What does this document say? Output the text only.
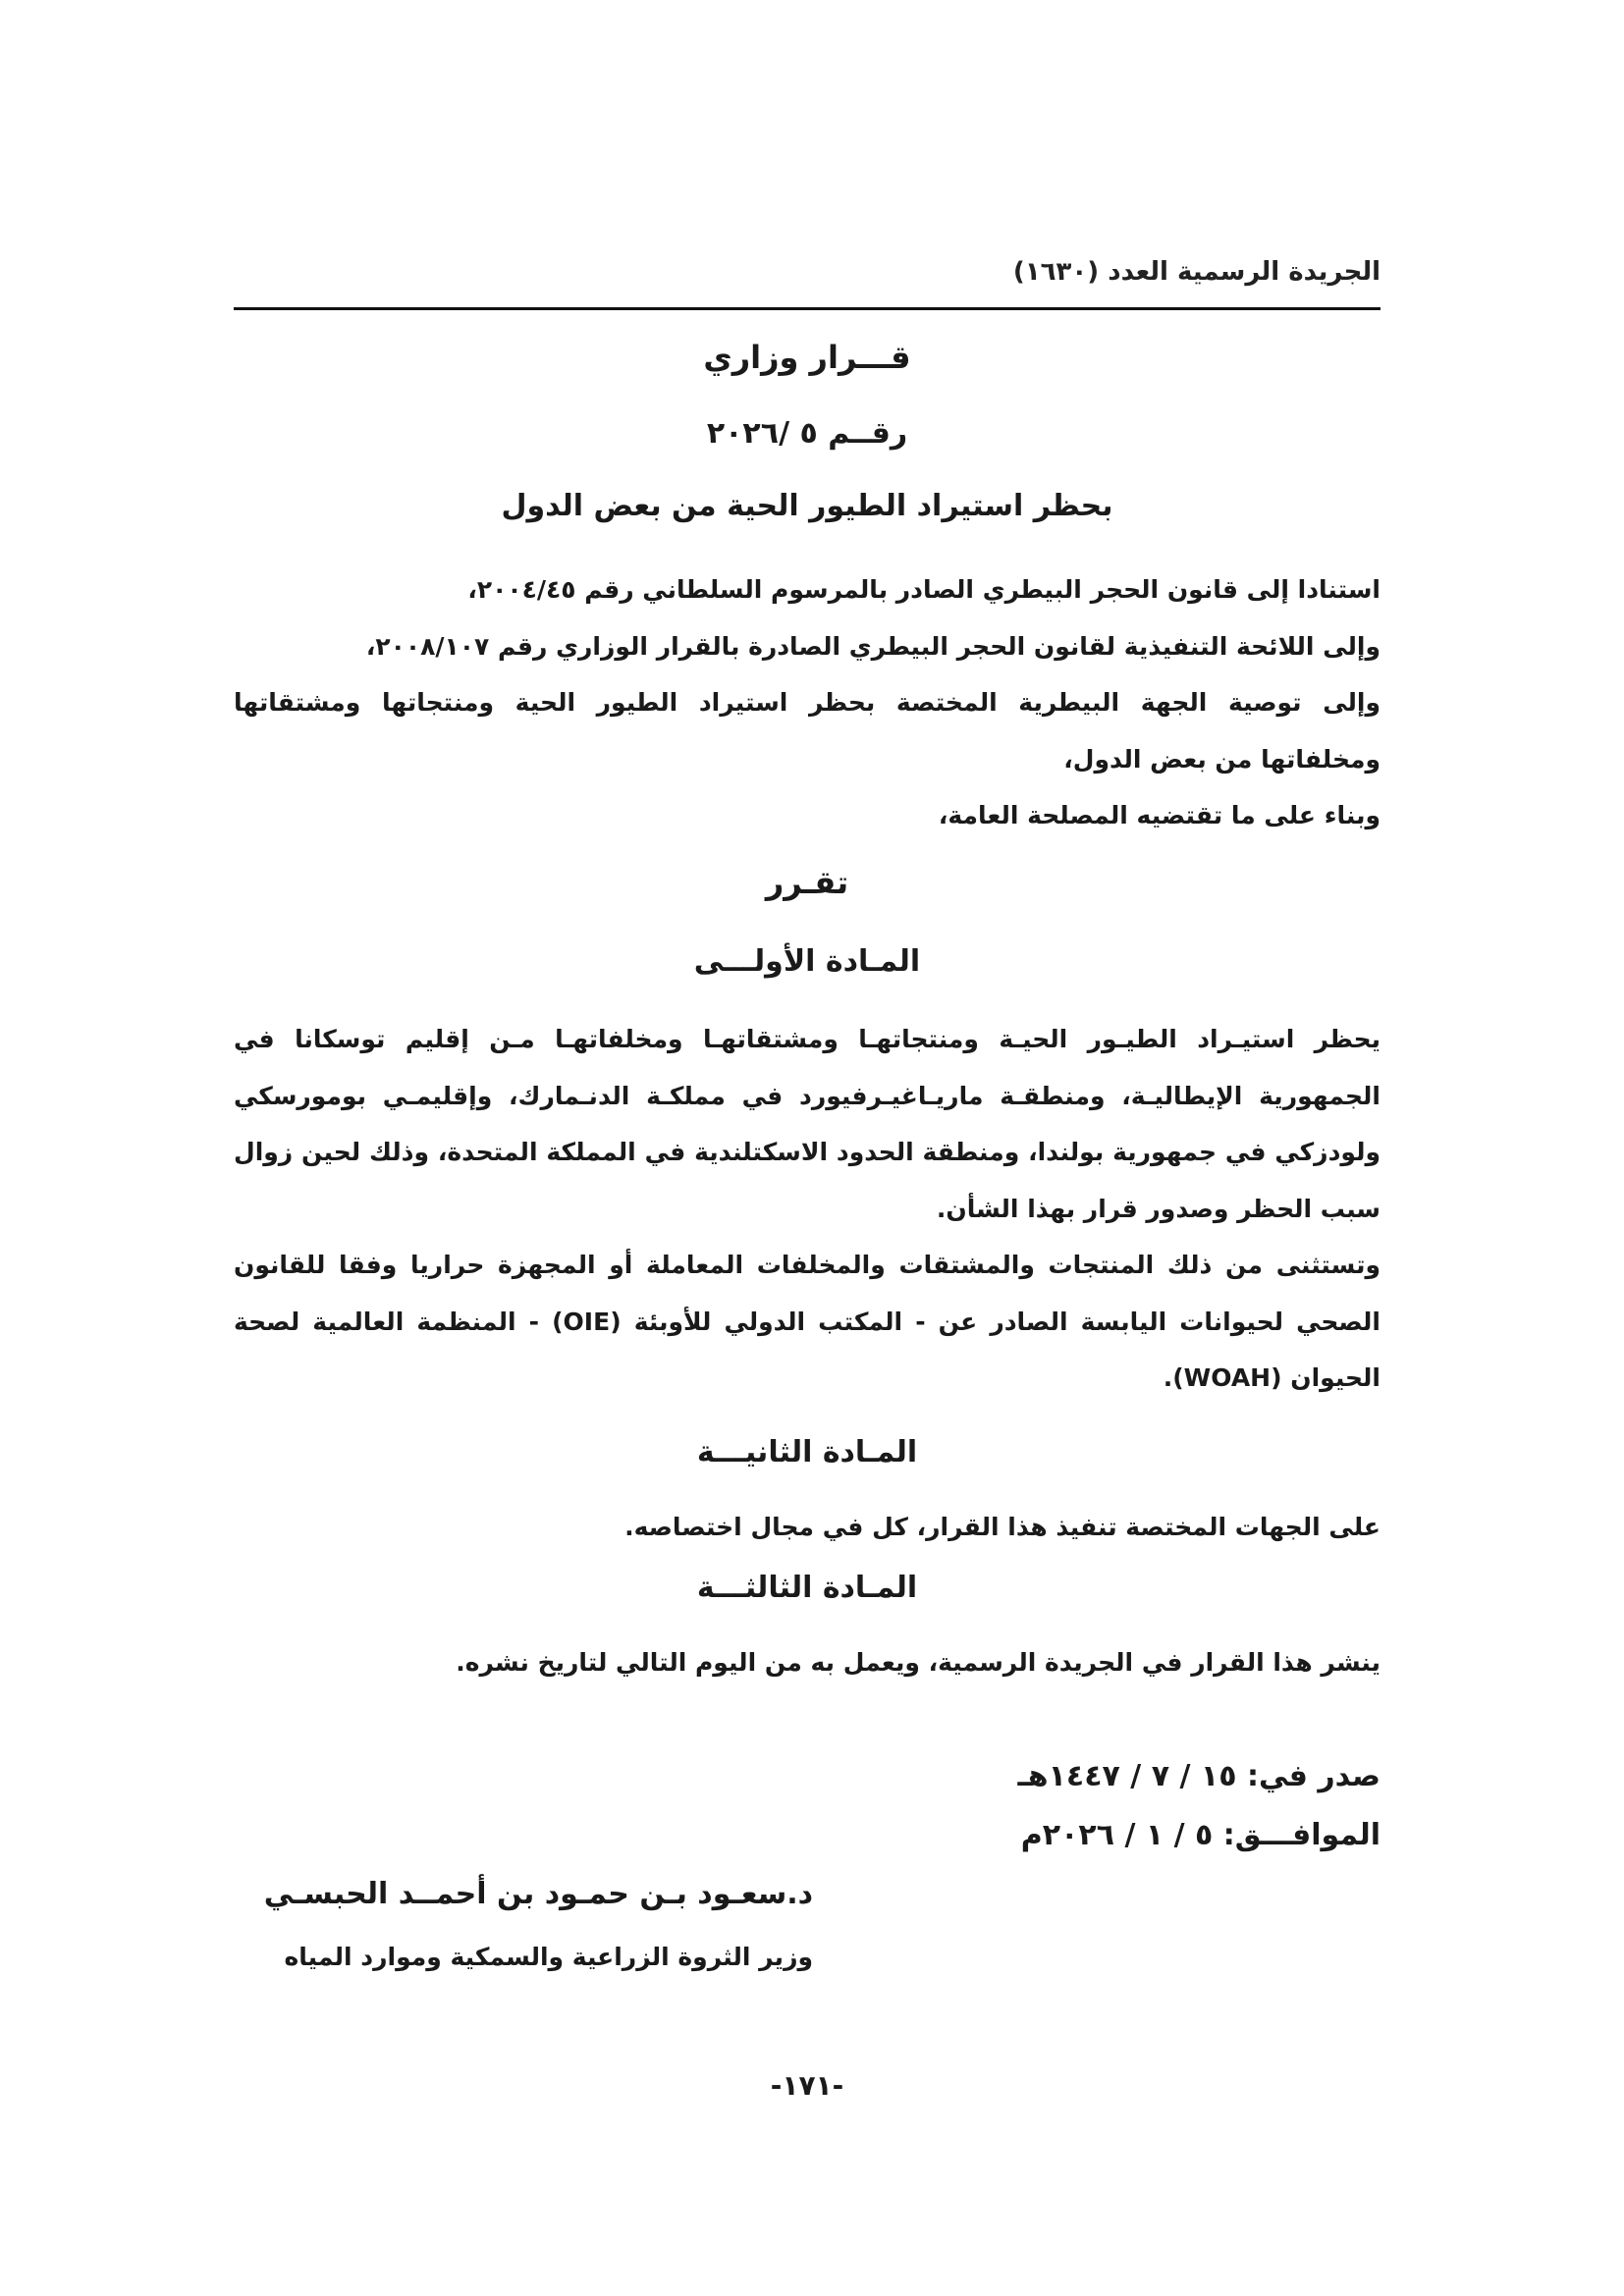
الجريدة الرسمية العدد (١٦٣٠)
قـــرار وزاري
رقــم ٥ /٢٠٢٦
بحظر استيراد الطيور الحية من بعض الدول

استنادا إلى قانون الحجر البيطري الصادر بالمرسوم السلطاني رقم ٢٠٠٤/٤٥،

وإلى اللائحة التنفيذية لقانون الحجر البيطري الصادرة بالقرار الوزاري رقم ٢٠٠٨/١٠٧،

وإلى توصية الجهة البيطرية المختصة بحظر استيراد الطيور الحية ومنتجاتها ومشتقاتها ومخلفاتها من بعض الدول،

وبناء على ما تقتضيه المصلحة العامة،

تقـرر
المـادة الأولـــى

يحظر استيـراد الطيـور الحيـة ومنتجاتهـا ومشتقاتهـا ومخلفاتهـا مـن إقليم توسكانا في الجمهورية الإيطاليـة، ومنطقـة ماريـاغيـرفيورد في مملكـة الدنـمارك، وإقليمـي بومورسكي ولودزكي في جمهورية بولندا، ومنطقة الحدود الاسكتلندية في المملكة المتحدة، وذلك لحين زوال سبب الحظر وصدور قرار بهذا الشأن.

وتستثنى من ذلك المنتجات والمشتقات والمخلفات المعاملة أو المجهزة حراريا وفقا للقانون الصحي لحيوانات اليابسة الصادر عن - المكتب الدولي للأوبئة (OIE) - المنظمة العالمية لصحة الحيوان (WOAH).

المـادة الثانيـــة

على الجهات المختصة تنفيذ هذا القرار، كل في مجال اختصاصه.

المـادة الثالثـــة

ينشر هذا القرار في الجريدة الرسمية، ويعمل به من اليوم التالي لتاريخ نشره.

صدر في: ١٥ / ٧ / ١٤٤٧هـ
الموافـــق: ٥ / ١ / ٢٠٢٦م
د.سعـود بـن حمـود بن أحمــد الحبسـي
وزير الثروة الزراعية والسمكية وموارد المياه
-١٧١-
